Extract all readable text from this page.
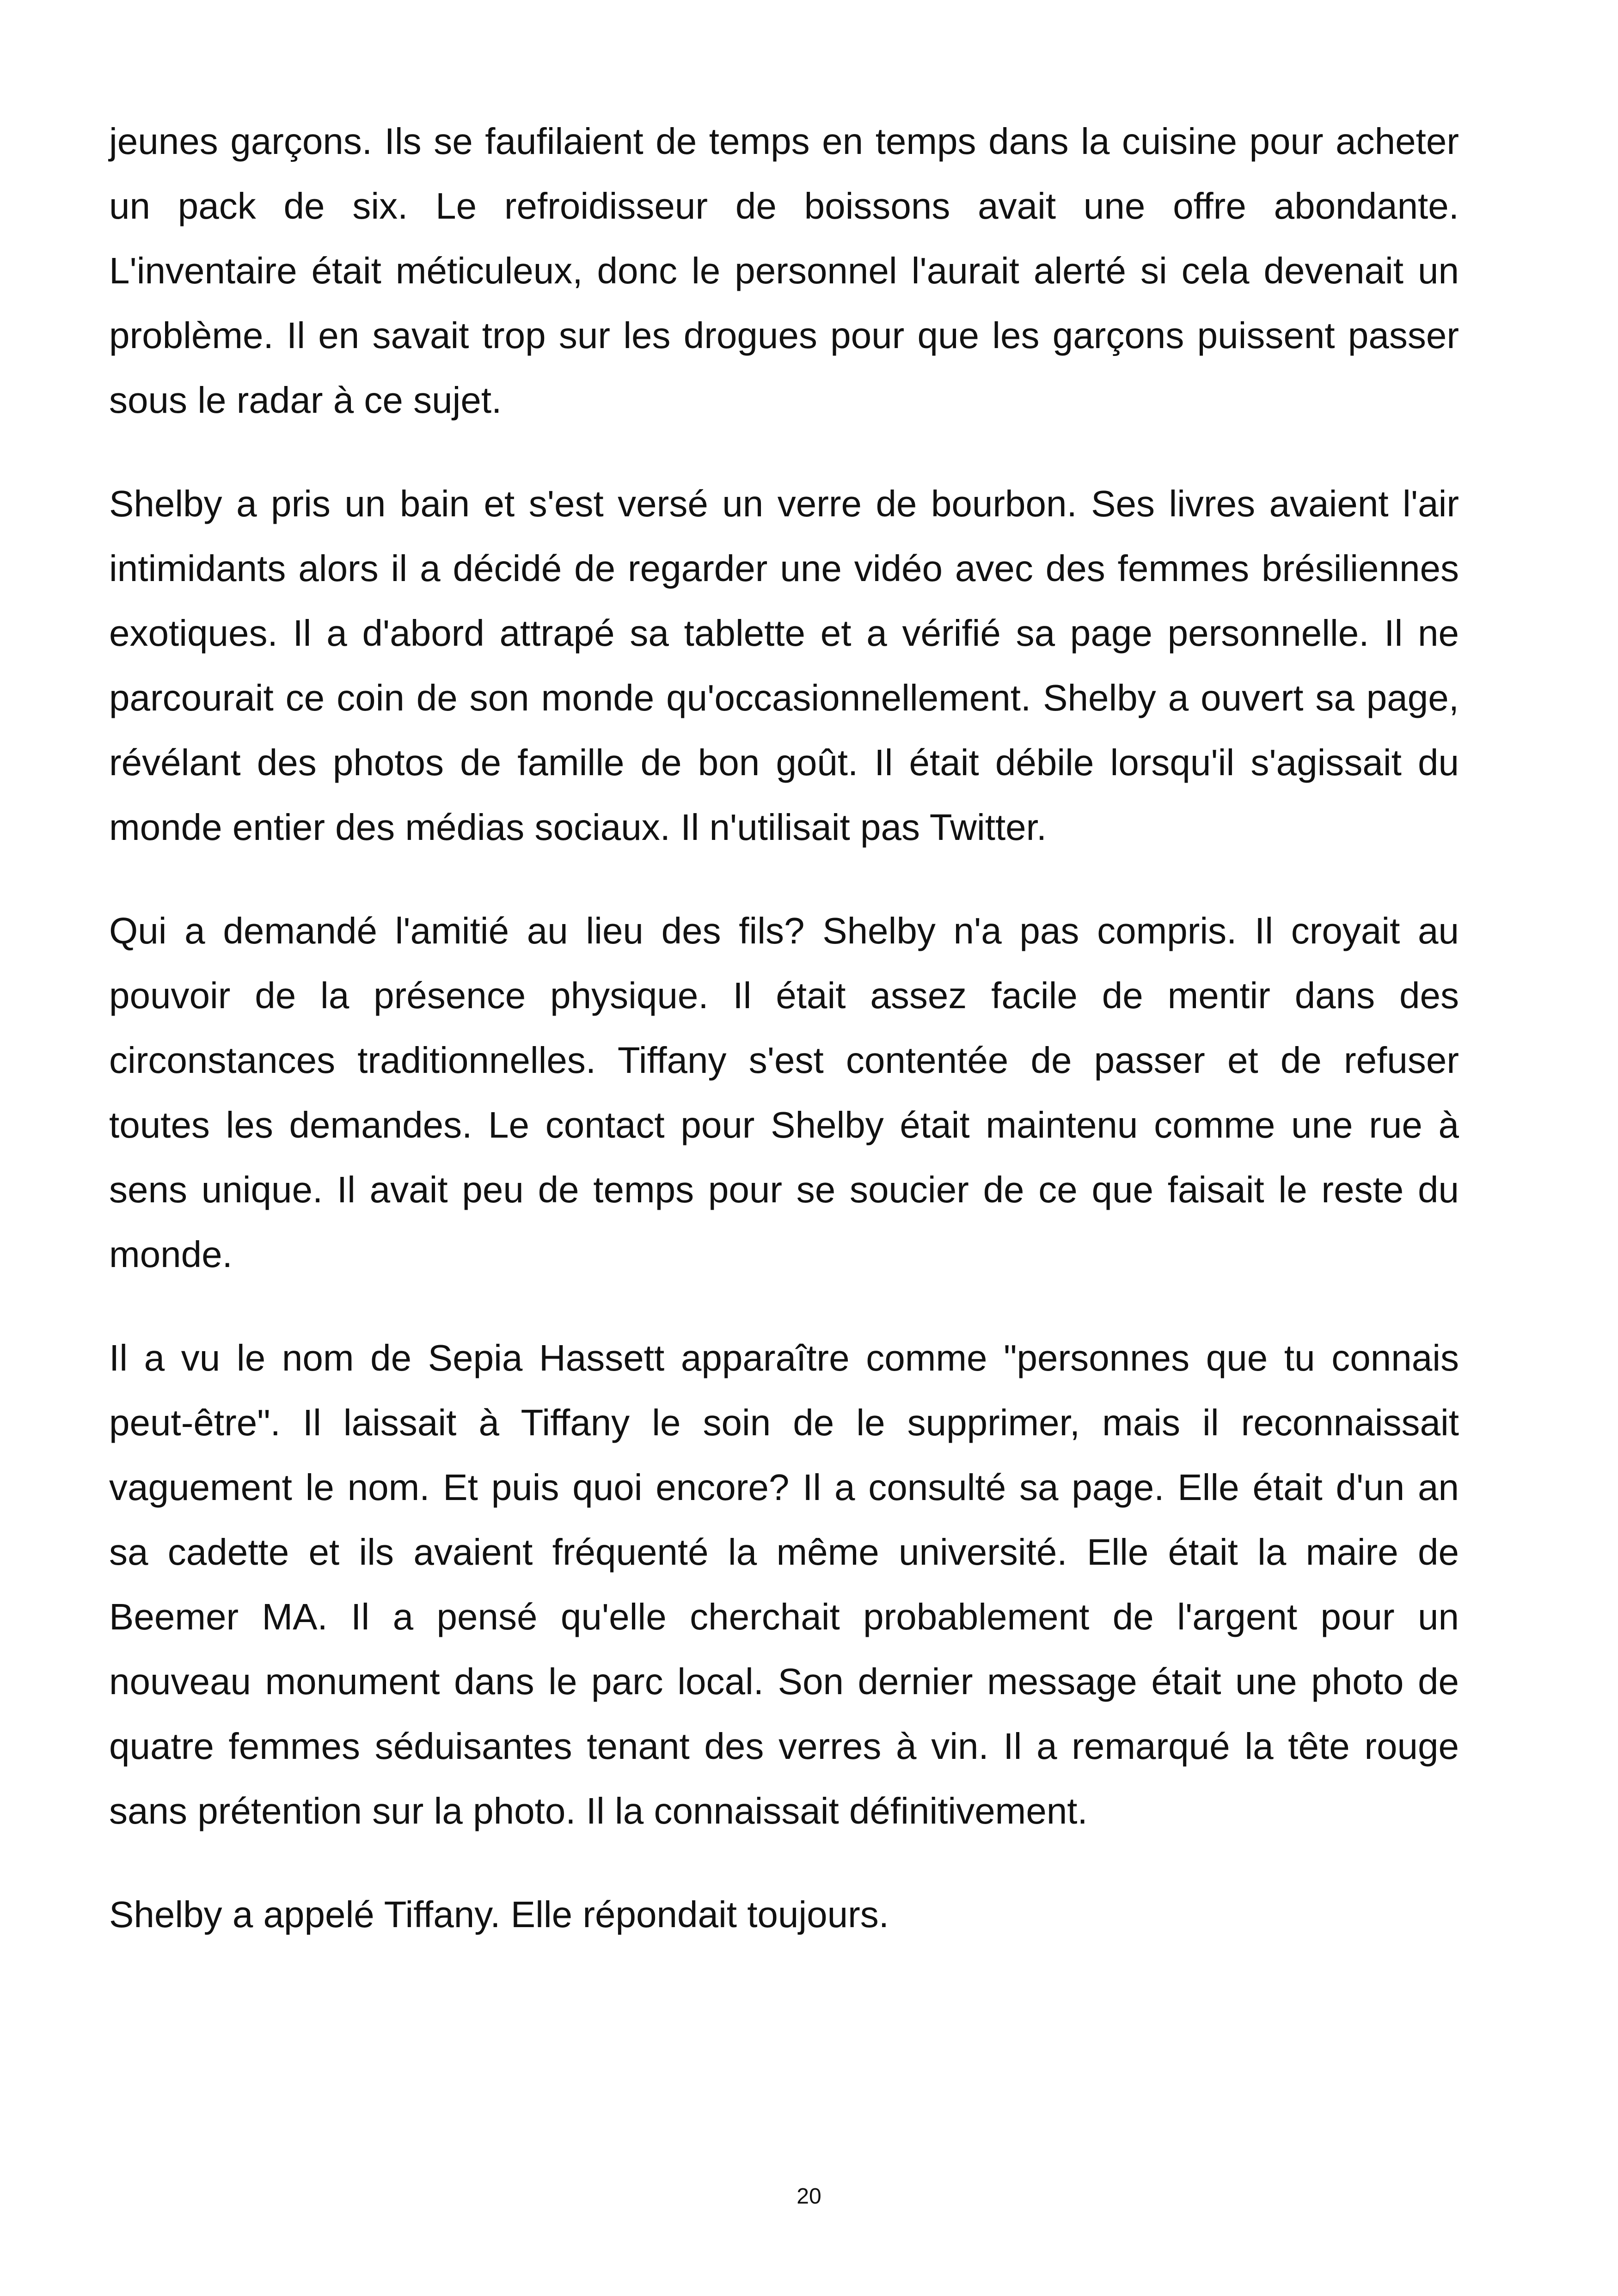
jeunes garçons. Ils se faufilaient de temps en temps dans la cuisine pour acheter un pack de six. Le refroidisseur de boissons avait une offre abondante. L'inventaire était méticuleux, donc le personnel l'aurait alerté si cela devenait un problème. Il en savait trop sur les drogues pour que les garçons puissent passer sous le radar à ce sujet.

Shelby a pris un bain et s'est versé un verre de bourbon. Ses livres avaient l'air intimidants alors il a décidé de regarder une vidéo avec des femmes brésiliennes exotiques. Il a d'abord attrapé sa tablette et a vérifié sa page personnelle. Il ne parcourait ce coin de son monde qu'occasionnellement. Shelby a ouvert sa page, révélant des photos de famille de bon goût. Il était débile lorsqu'il s'agissait du monde entier des médias sociaux. Il n'utilisait pas Twitter.

Qui a demandé l'amitié au lieu des fils? Shelby n'a pas compris. Il croyait au pouvoir de la présence physique. Il était assez facile de mentir dans des circonstances traditionnelles. Tiffany s'est contentée de passer et de refuser toutes les demandes. Le contact pour Shelby était maintenu comme une rue à sens unique. Il avait peu de temps pour se soucier de ce que faisait le reste du monde.

Il a vu le nom de Sepia Hassett apparaître comme "personnes que tu connais peut-être". Il laissait à Tiffany le soin de le supprimer, mais il reconnaissait vaguement le nom. Et puis quoi encore? Il a consulté sa page. Elle était d'un an sa cadette et ils avaient fréquenté la même université. Elle était la maire de Beemer MA. Il a pensé qu'elle cherchait probablement de l'argent pour un nouveau monument dans le parc local. Son dernier message était une photo de quatre femmes séduisantes tenant des verres à vin. Il a remarqué la tête rouge sans prétention sur la photo. Il la connaissait définitivement.

Shelby a appelé Tiffany. Elle répondait toujours.

20
